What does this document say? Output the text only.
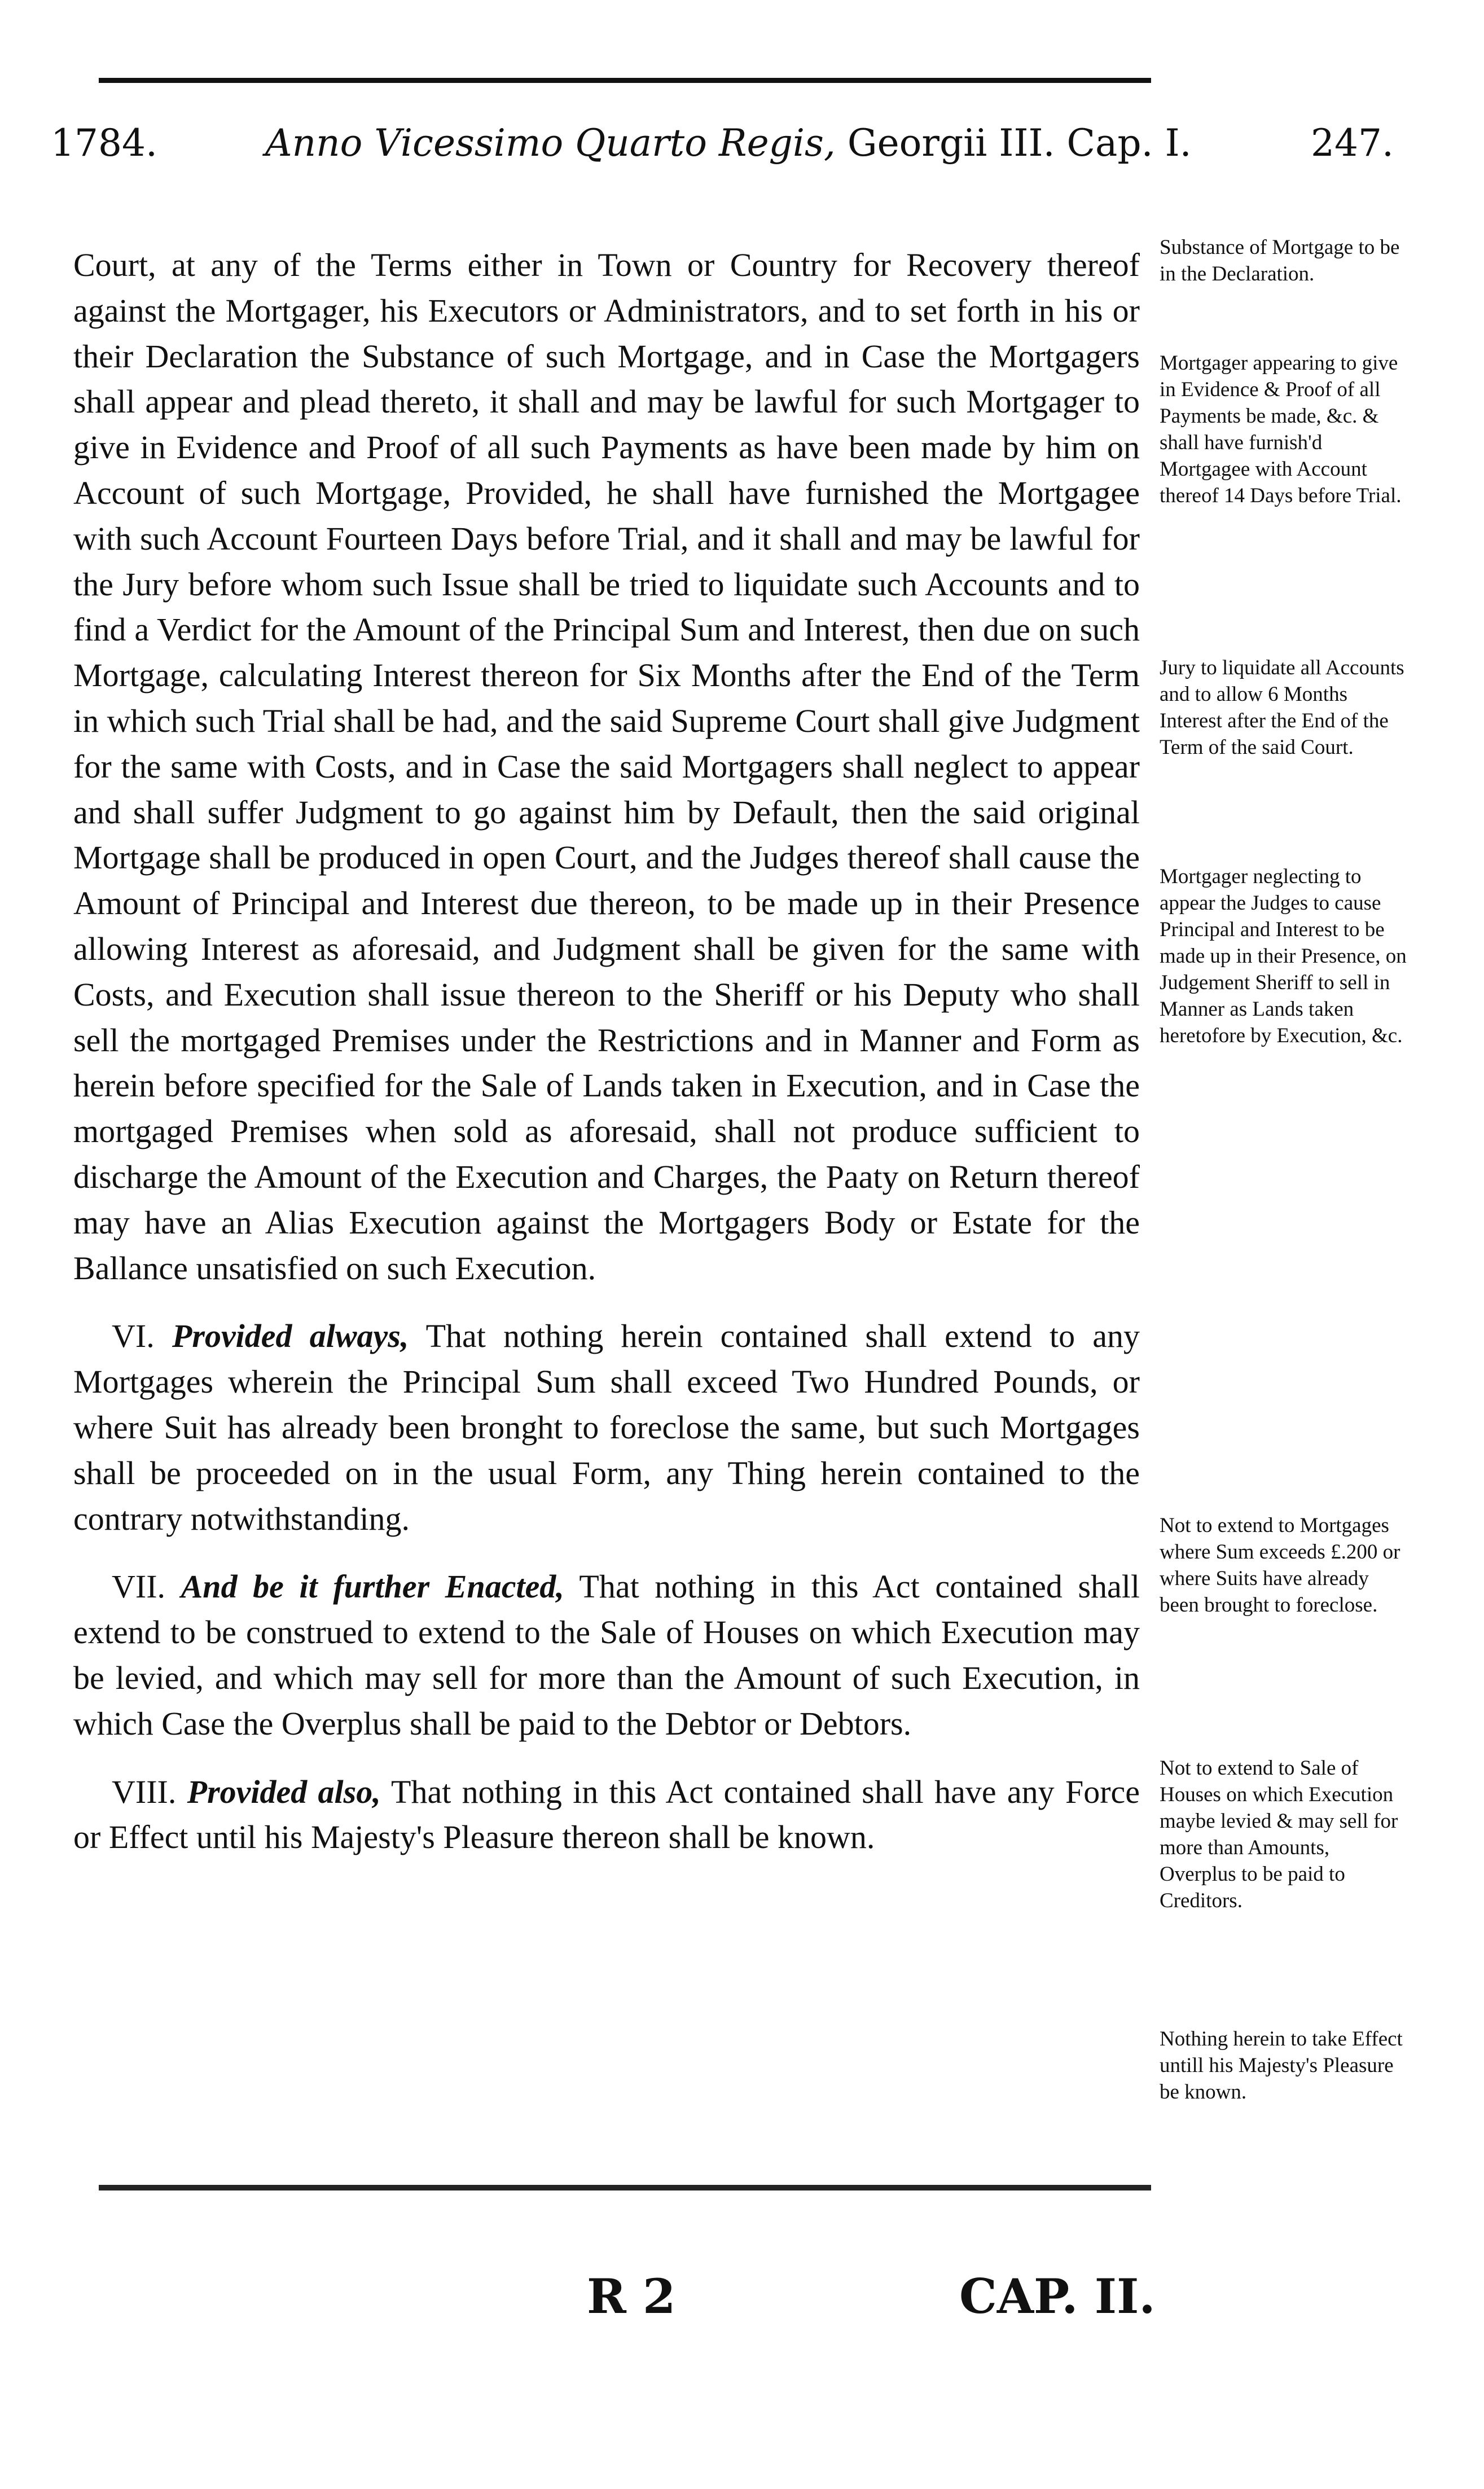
1784.	Anno Vicessimo Quarto Regis, Georgii III. Cap. I.	247.

Court, at any of the Terms either in Town or Country for Recovery thereof against the Mortgager, his Executors or Administrators, and to set forth in his or their Declaration the Substance of such Mortgage, and in Case the Mortgagers shall appear and plead thereto, it shall and may be lawful for such Mortgager to give in Evidence and Proof of all such Payments as have been made by him on Account of such Mortgage, Provided, he shall have furnished the Mortgagee with such Account Fourteen Days before Trial, and it shall and may be lawful for the Jury before whom such Issue shall be tried to liquidate such Accounts and to find a Verdict for the Amount of the Principal Sum and Interest, then due on such Mortgage, calculating Interest thereon for Six Months after the End of the Term in which such Trial shall be had, and the said Supreme Court shall give Judgment for the same with Costs, and in Case the said Mortgagers shall neglect to appear and shall suffer Judgment to go against him by Default, then the said original Mortgage shall be produced in open Court, and the Judges thereof shall cause the Amount of Principal and Interest due thereon, to be made up in their Presence allowing Interest as aforesaid, and Judgment shall be given for the same with Costs, and Execution shall issue thereon to the Sheriff or his Deputy who shall sell the mortgaged Premises under the Restrictions and in Manner and Form as herein before specified for the Sale of Lands taken in Execution, and in Case the mortgaged Premises when sold as aforesaid, shall not produce sufficient to discharge the Amount of the Execution and Charges, the Paaty on Return thereof may have an Alias Execution against the Mortgagers Body or Estate for the Ballance unsatisfied on such Execution.

VI. Provided always, That nothing herein contained shall extend to any Mortgages wherein the Principal Sum shall exceed Two Hundred Pounds, or where Suit has already been bronght to foreclose the same, but such Mortgages shall be proceeded on in the usual Form, any Thing herein contained to the contrary notwithstanding.

VII. And be it further Enacted, That nothing in this Act contained shall extend to be construed to extend to the Sale of Houses on which Execution may be levied, and which may sell for more than the Amount of such Execution, in which Case the Overplus shall be paid to the Debtor or Debtors.

VIII. Provided also, That nothing in this Act contained shall have any Force or Effect until his Majesty's Pleasure thereon shall be known.

Substance of Mortgage to be in the Declaration.
Mortgager appearing to give in Evidence & Proof of all Payments be made, &c. & shall have furnish'd Mortgagee with Account thereof 14 Days before Trial.
Jury to liquidate all Accounts and to allow 6 Months Interest after the End of the Term of the said Court.
Mortgager neglecting to appear the Judges to cause Principal and Interest to be made up in their Presence, on Judgement Sheriff to sell in Manner as Lands taken heretofore by Execution, &c.
Not to extend to Mortgages where Sum exceeds £.200 or where Suits have already been brought to foreclose.
Not to extend to Sale of Houses on which Execution maybe levied & may sell for more than Amounts, Overplus to be paid to Creditors.
Nothing herein to take Effect untill his Majesty's Pleasure be known.
R 2	CAP. II.
